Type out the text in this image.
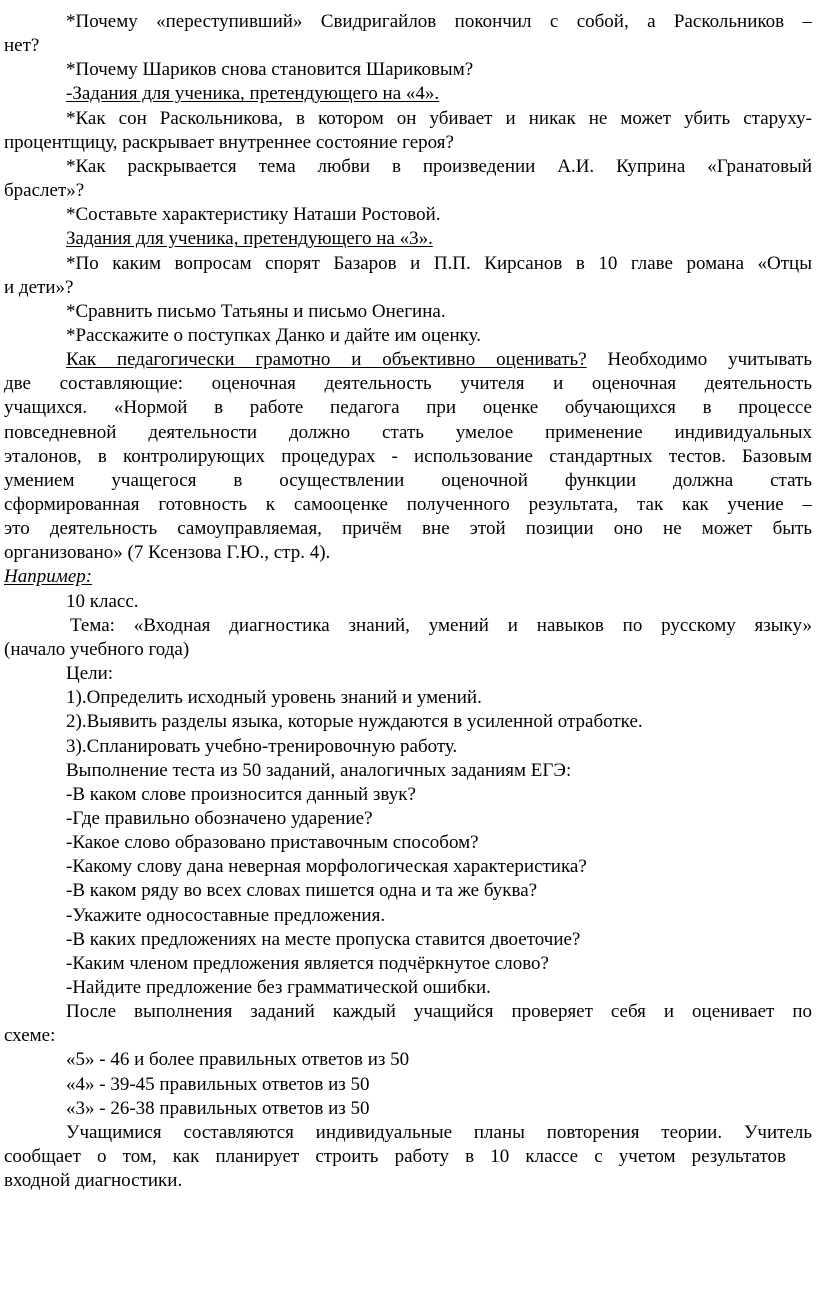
*Почему «переступивший» Свидригайлов покончил с собой, а Раскольников –
нет?
*Почему Шариков снова становится Шариковым?
-Задания для ученика, претендующего на «4».
*Как сон Раскольникова, в котором он убивает и никак не может убить старуху-
процентщицу, раскрывает внутреннее состояние героя?
*Как раскрывается тема любви в произведении А.И. Куприна «Гранатовый
браслет»?
*Составьте характеристику Наташи Ростовой.
Задания для ученика, претендующего на «3».
*По каким вопросам спорят Базаров и П.П. Кирсанов в 10 главе романа «Отцы
и дети»?
*Сравнить письмо Татьяны и письмо Онегина.
*Расскажите о поступках Данко и дайте им оценку.
Как педагогически грамотно и объективно оценивать? Необходимо учитывать
две составляющие: оценочная деятельность учителя и оценочная деятельность
учащихся. «Нормой в работе педагога при оценке обучающихся в процессе
повседневной деятельности должно стать умелое применение индивидуальных
эталонов, в контролирующих процедурах - использование стандартных тестов. Базовым
умением учащегося в осуществлении оценочной функции должна стать
сформированная готовность к самооценке полученного результата, так как учение –
это деятельность самоуправляемая, причём вне этой позиции оно не может быть
организовано» (7 Ксензова Г.Ю., стр. 4).
Например:
10 класс.
Тема: «Входная диагностика знаний, умений и навыков по русскому языку»
(начало учебного года)
Цели:
1).Определить исходный уровень знаний и умений.
2).Выявить разделы языка, которые нуждаются в усиленной отработке.
3).Спланировать учебно-тренировочную работу.
Выполнение теста из 50 заданий, аналогичных заданиям ЕГЭ:
-В каком слове произносится данный звук?
-Где правильно обозначено ударение?
-Какое слово образовано приставочным способом?
-Какому слову дана неверная морфологическая характеристика?
-В каком ряду во всех словах пишется одна и та же буква?
-Укажите односоставные предложения.
-В каких предложениях на месте пропуска ставится двоеточие?
-Каким членом предложения является подчёркнутое слово?
-Найдите предложение без грамматической ошибки.
После выполнения заданий каждый учащийся проверяет себя и оценивает по
схеме:
«5» - 46 и более правильных ответов из 50
«4» - 39-45 правильных ответов из 50
«3» - 26-38 правильных ответов из 50
Учащимися составляются индивидуальные планы повторения теории. Учитель
сообщает о том, как планирует строить работу в 10 классе с учетом результатов
входной диагностики.
